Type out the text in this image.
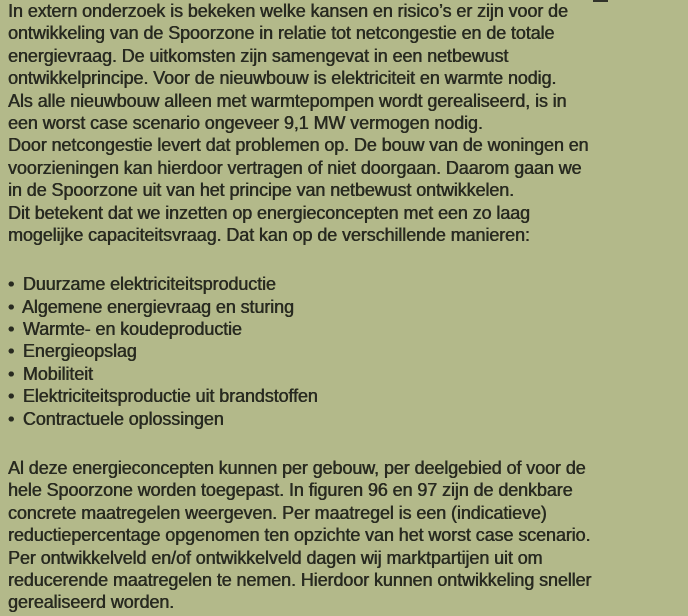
In extern onderzoek is bekeken welke kansen en risico’s er zijn voor de
ontwikkeling van de Spoorzone in relatie tot netcongestie en de totale
energievraag. De uitkomsten zijn samengevat in een netbewust
ontwikkelprincipe. Voor de nieuwbouw is elektriciteit en warmte nodig.
Als alle nieuwbouw alleen met warmtepompen wordt gerealiseerd, is in
een worst case scenario ongeveer 9,1 MW vermogen nodig.
Door netcongestie levert dat problemen op. De bouw van de woningen en
voorzieningen kan hierdoor vertragen of niet doorgaan. Daarom gaan we
in de Spoorzone uit van het principe van netbewust ontwikkelen.
Dit betekent dat we inzetten op energieconcepten met een zo laag
mogelijke capaciteitsvraag. Dat kan op de verschillende manieren:
• Duurzame elektriciteitsproductie
• Algemene energievraag en sturing
• Warmte- en koudeproductie
• Energieopslag
• Mobiliteit
• Elektriciteitsproductie uit brandstoffen
• Contractuele oplossingen
Al deze energieconcepten kunnen per gebouw, per deelgebied of voor de
hele Spoorzone worden toegepast. In figuren 96 en 97 zijn de denkbare
concrete maatregelen weergeven. Per maatregel is een (indicatieve)
reductiepercentage opgenomen ten opzichte van het worst case scenario.
Per ontwikkelveld en/of ontwikkelveld dagen wij marktpartijen uit om
reducerende maatregelen te nemen. Hierdoor kunnen ontwikkeling sneller
gerealiseerd worden.
